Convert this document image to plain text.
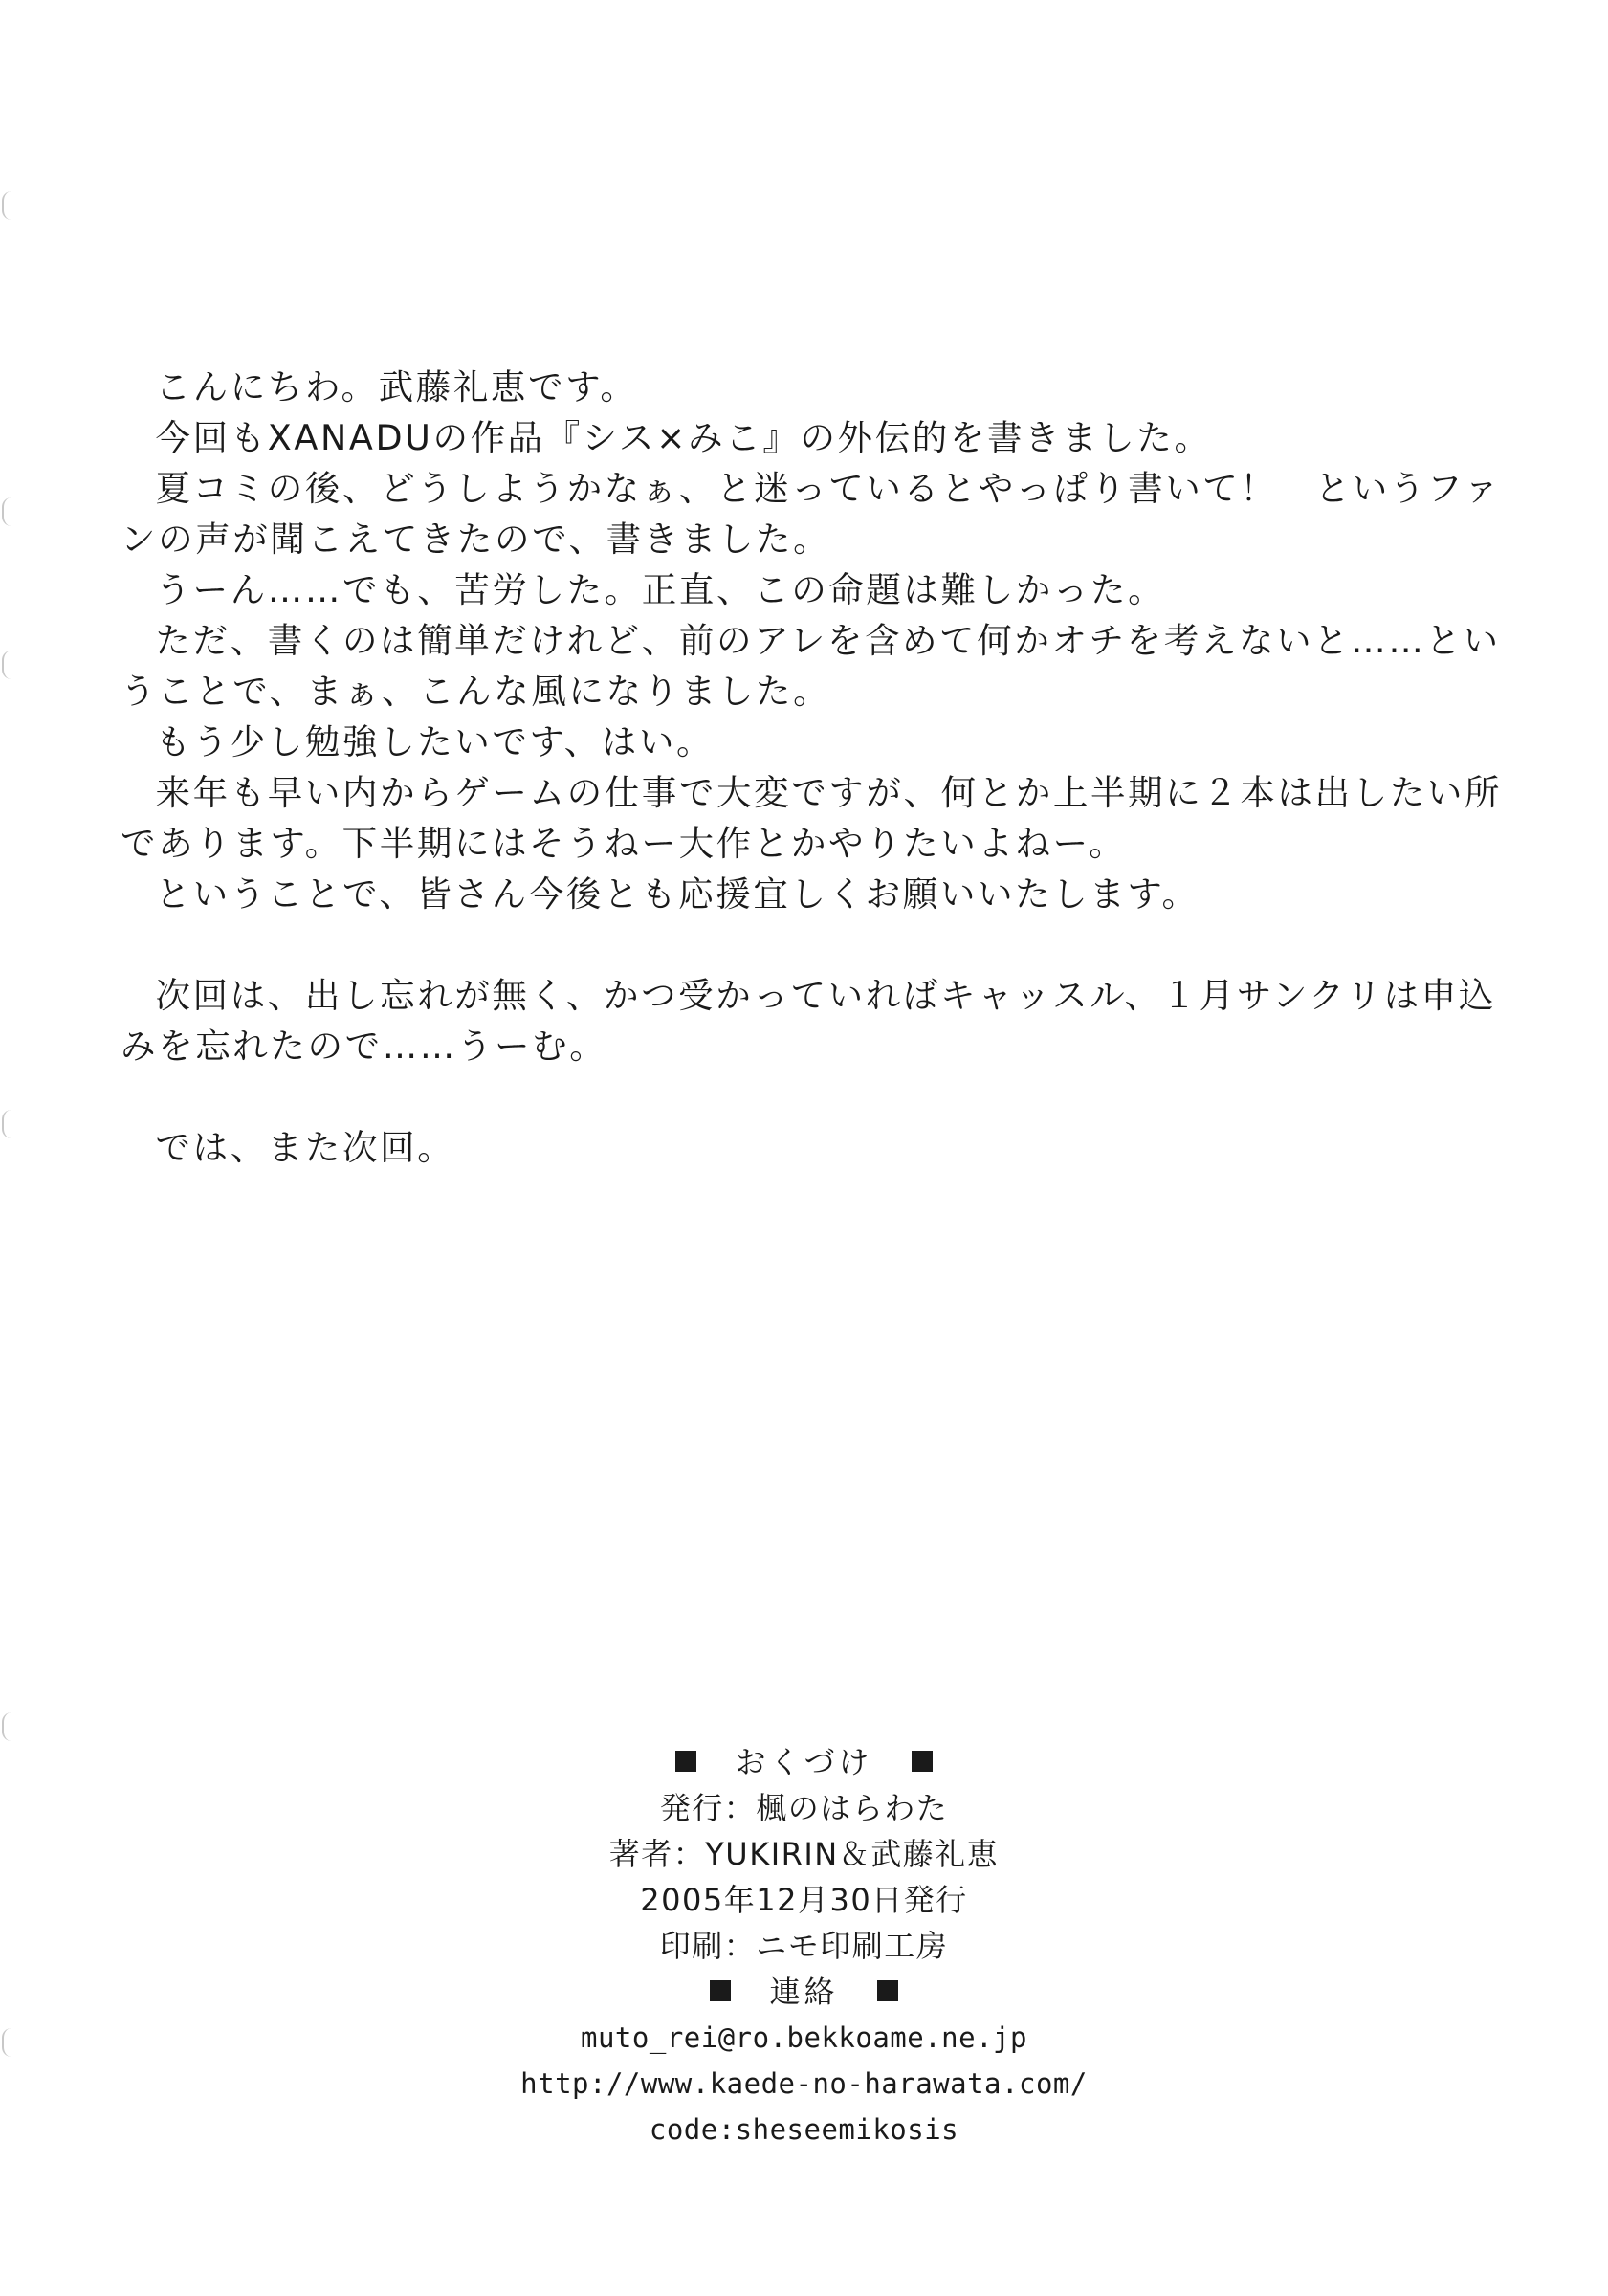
こんにちわ。武藤礼恵です。

今回もXANADUの作品『シス×みこ』の外伝的を書きました。

夏コミの後、どうしようかなぁ、と迷っているとやっぱり書いて！　というファンの声が聞こえてきたので、書きました。

うーん……でも、苦労した。正直、この命題は難しかった。

ただ、書くのは簡単だけれど、前のアレを含めて何かオチを考えないと……ということで、まぁ、こんな風になりました。

もう少し勉強したいです、はい。

来年も早い内からゲームの仕事で大変ですが、何とか上半期に２本は出したい所であります。下半期にはそうねー大作とかやりたいよねー。

ということで、皆さん今後とも応援宜しくお願いいたします。

次回は、出し忘れが無く、かつ受かっていればキャッスル、１月サンクリは申込みを忘れたので……うーむ。

では、また次回。

おくづけ

発行：楓のはらわた

著者：YUKIRIN＆武藤礼恵

2005年12月30日発行

印刷：ニモ印刷工房

連絡

muto_rei@ro.bekkoame.ne.jp

http://www.kaede-no-harawata.com/

code:sheseemikosis
